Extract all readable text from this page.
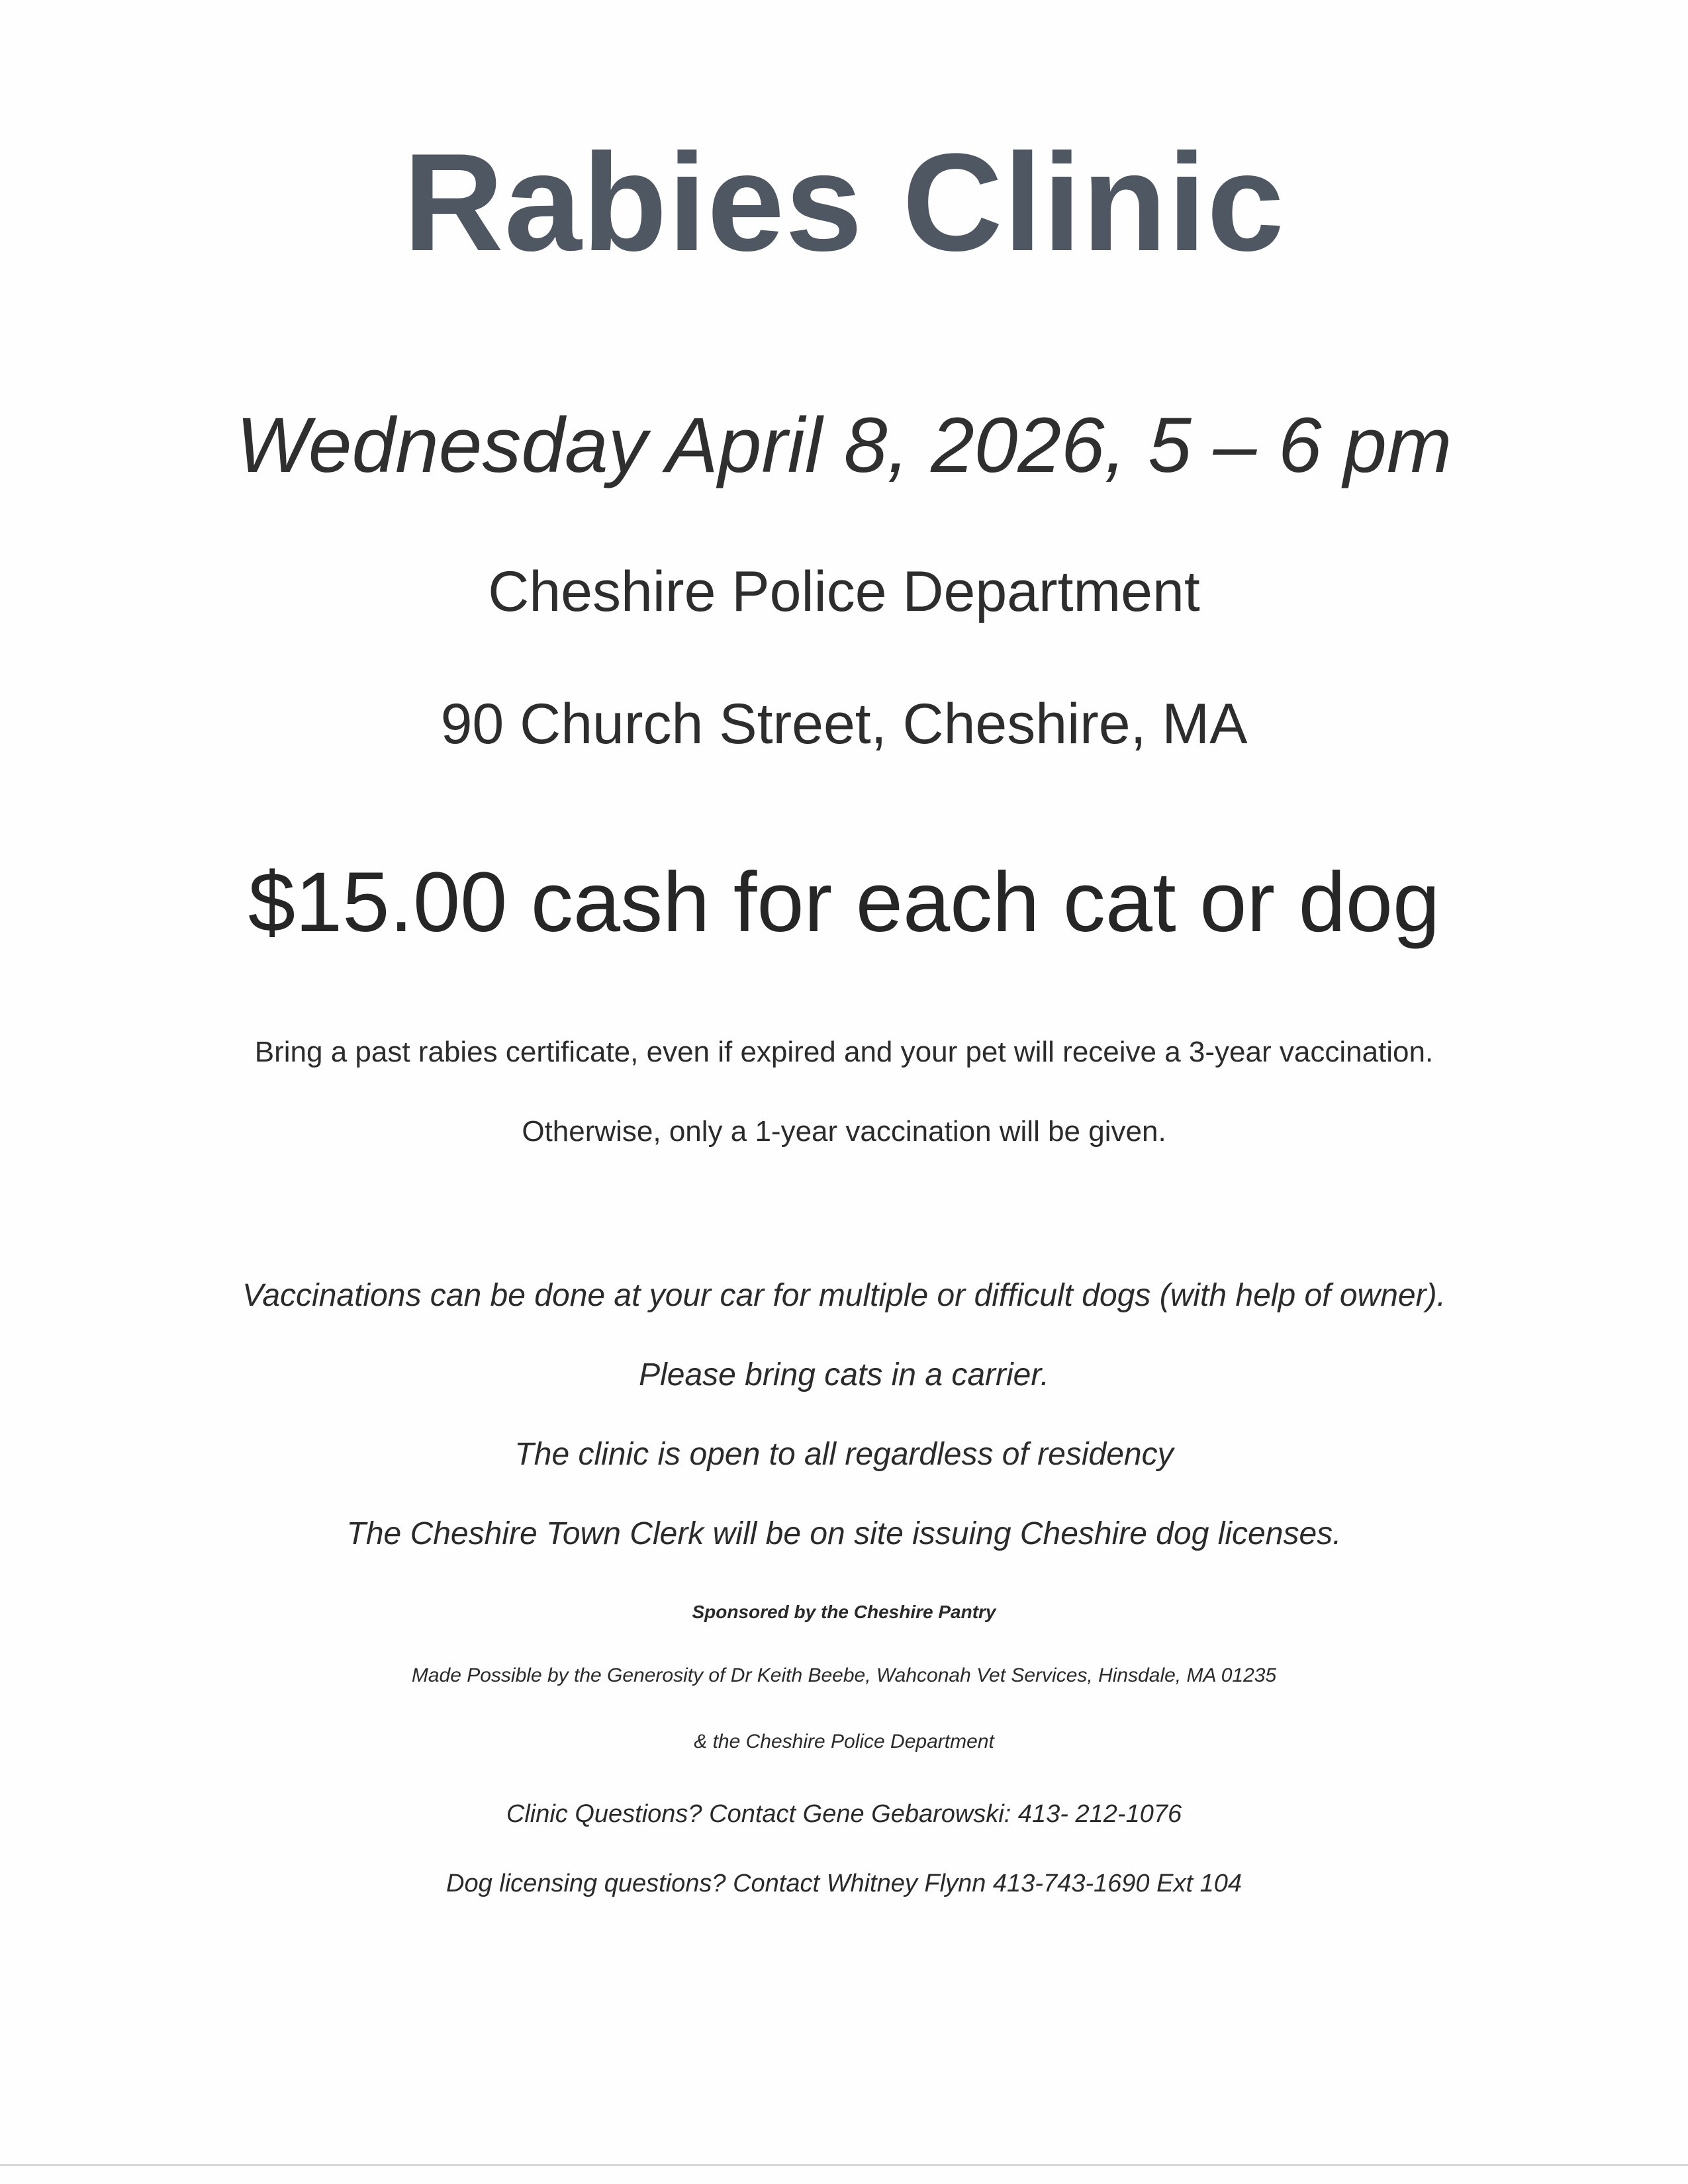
Rabies Clinic
Wednesday April 8, 2026, 5 – 6 pm
Cheshire Police Department
90 Church Street, Cheshire, MA
$15.00 cash for each cat or dog

Bring a past rabies certificate, even if expired and your pet will receive a 3-year vaccination.

Otherwise, only a 1-year vaccination will be given.

Vaccinations can be done at your car for multiple or difficult dogs (with help of owner).

Please bring cats in a carrier.

The clinic is open to all regardless of residency

The Cheshire Town Clerk will be on site issuing Cheshire dog licenses.

Sponsored by the Cheshire Pantry

Made Possible by the Generosity of Dr Keith Beebe, Wahconah Vet Services, Hinsdale, MA 01235

& the Cheshire Police Department

Clinic Questions? Contact Gene Gebarowski: 413- 212-1076

Dog licensing questions? Contact Whitney Flynn 413-743-1690 Ext 104
